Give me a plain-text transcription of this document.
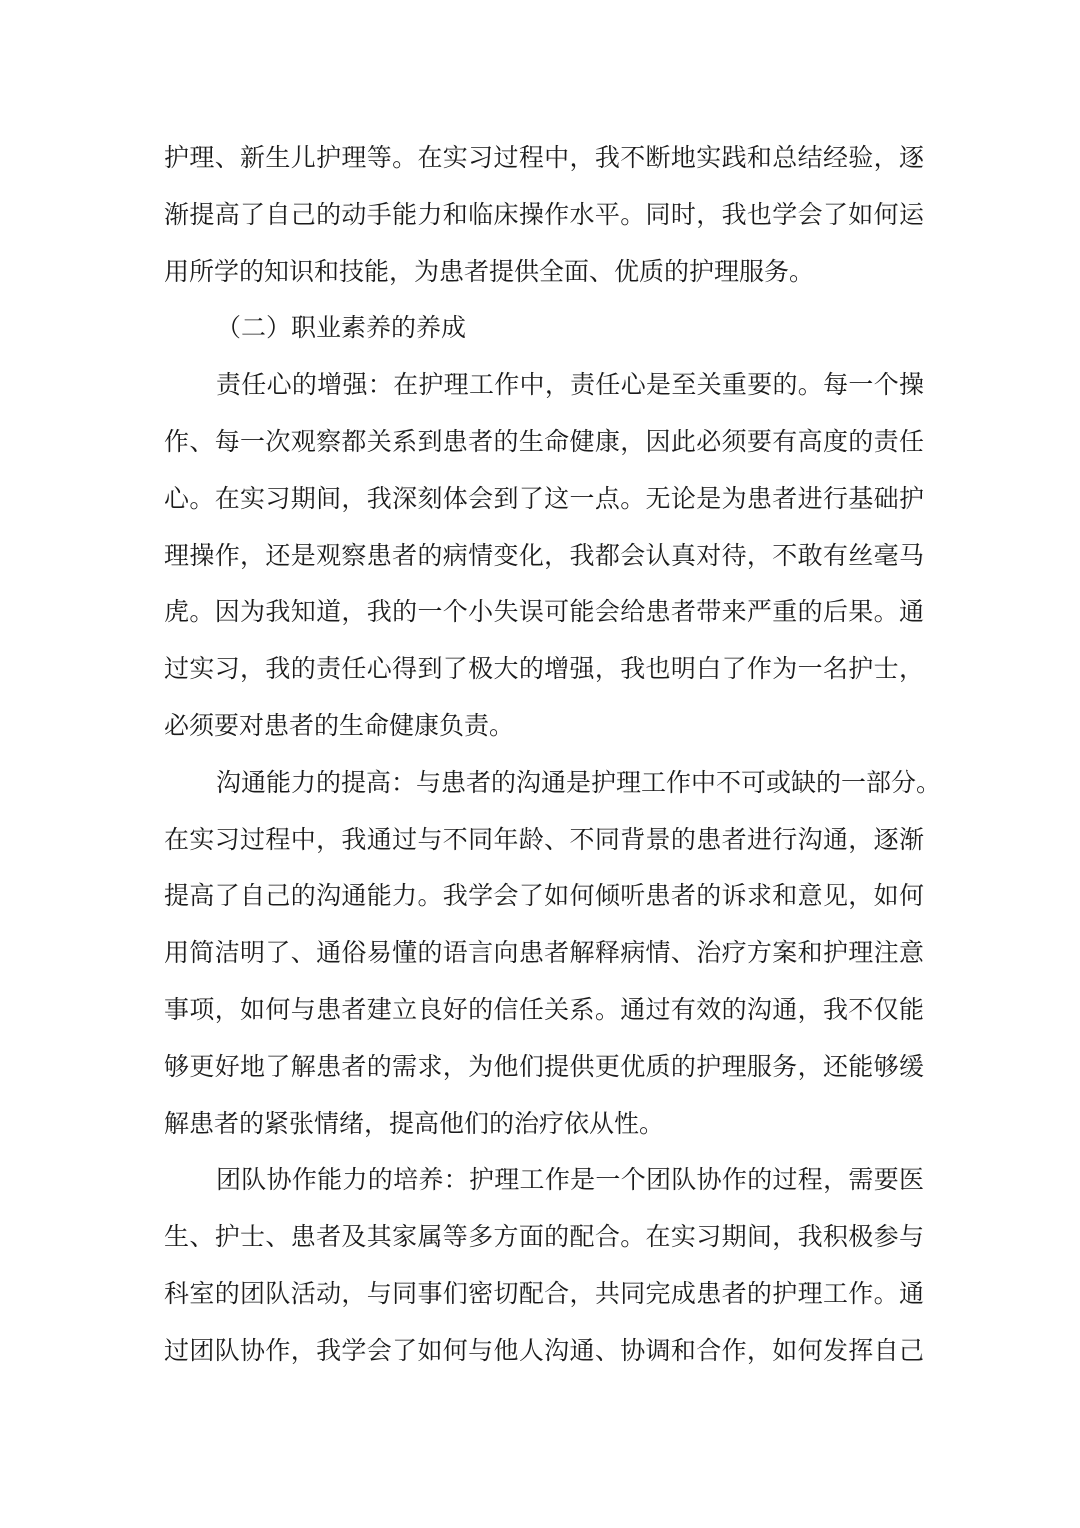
护理、新生儿护理等。在实习过程中，我不断地实践和总结经验，逐
渐提高了自己的动手能力和临床操作水平。同时，我也学会了如何运
用所学的知识和技能，为患者提供全面、优质的护理服务。
（二）职业素养的养成
责任心的增强：在护理工作中，责任心是至关重要的。每一个操
作、每一次观察都关系到患者的生命健康，因此必须要有高度的责任
心。在实习期间，我深刻体会到了这一点。无论是为患者进行基础护
理操作，还是观察患者的病情变化，我都会认真对待，不敢有丝毫马
虎。因为我知道，我的一个小失误可能会给患者带来严重的后果。通
过实习，我的责任心得到了极大的增强，我也明白了作为一名护士，
必须要对患者的生命健康负责。
沟通能力的提高：与患者的沟通是护理工作中不可或缺的一部分。
在实习过程中，我通过与不同年龄、不同背景的患者进行沟通，逐渐
提高了自己的沟通能力。我学会了如何倾听患者的诉求和意见，如何
用简洁明了、通俗易懂的语言向患者解释病情、治疗方案和护理注意
事项，如何与患者建立良好的信任关系。通过有效的沟通，我不仅能
够更好地了解患者的需求，为他们提供更优质的护理服务，还能够缓
解患者的紧张情绪，提高他们的治疗依从性。
团队协作能力的培养：护理工作是一个团队协作的过程，需要医
生、护士、患者及其家属等多方面的配合。在实习期间，我积极参与
科室的团队活动，与同事们密切配合，共同完成患者的护理工作。通
过团队协作，我学会了如何与他人沟通、协调和合作，如何发挥自己
